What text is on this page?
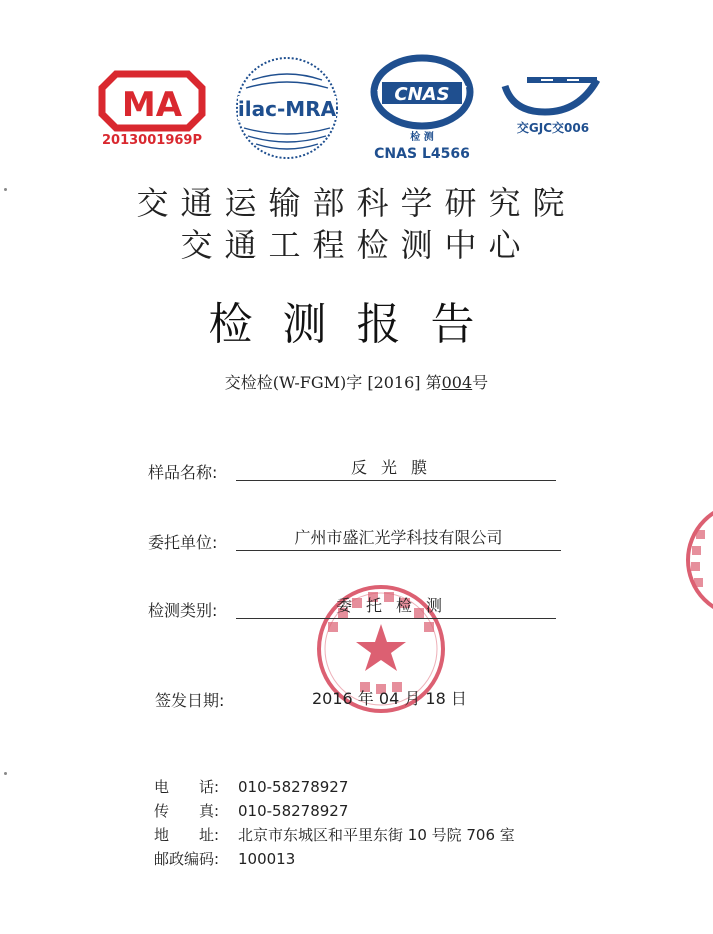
MA
2013001969P
ilac-MRA
CNAS
检 测
CNAS L4566
交GJC交006
交通运输部科学研究院
交通工程检测中心
检测报告
交检检(W-FGM)字 [2016] 第004号
样品名称:	反光膜
委托单位:	广州市盛汇光学科技有限公司
检测类别:	委托检测
签发日期:	2016 年 04 月 18 日
电　　话: 010-58278927
传　　真: 010-58278927
地　　址: 北京市东城区和平里东街 10 号院 706 室
邮政编码: 100013
